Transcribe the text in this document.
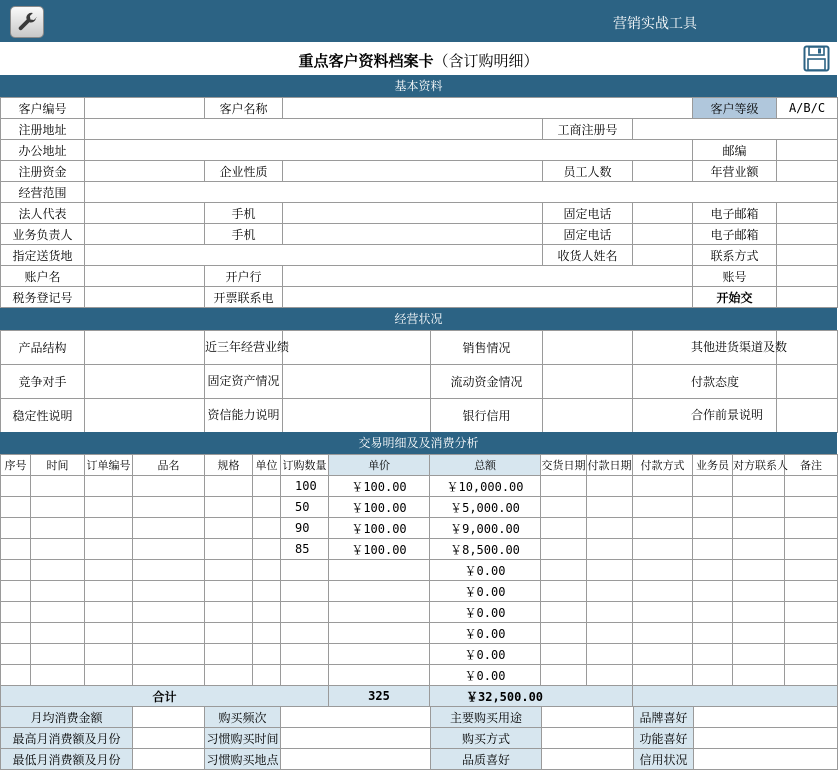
营销实战工具
重点客户资料档案卡（含订购明细）
基本资料
客户编号		客户名称				客户等级	A/B/C
注册地址				工商注册号			
办公地址						邮编	
注册资金		企业性质		员工人数		年营业额	
经营范围							
法人代表		手机		固定电话		电子邮箱	
业务负责人		手机		固定电话		电子邮箱	
指定送货地				收货人姓名		联系方式	
账户名		开户行				账号	
税务登记号		开票联系电				开始交	
经营状况
产品结构		近三年经营业绩		销售情况		其他进货渠道及数	
竞争对手		固定资产情况		流动资金情况		付款态度	
稳定性说明		资信能力说明		银行信用		合作前景说明	
交易明细及及消费分析
序号	时间	订单编号	品名	规格	单位	订购数量	单价	总额	交货日期	付款日期	付款方式	业务员	对方联系人	备注
						100	￥100.00	￥10,000.00						
						50	￥100.00	￥5,000.00						
						90	￥100.00	￥9,000.00						
						85	￥100.00	￥8,500.00						
								￥0.00						
								￥0.00						
								￥0.00						
								￥0.00						
								￥0.00						
								￥0.00						
合计							325	￥32,500.00						
月均消费金额		购买频次		主要购买用途		品牌喜好	
最高月消费额及月份		习惯购买时间		购买方式		功能喜好	
最低月消费额及月份		习惯购买地点		品质喜好		信用状况	
